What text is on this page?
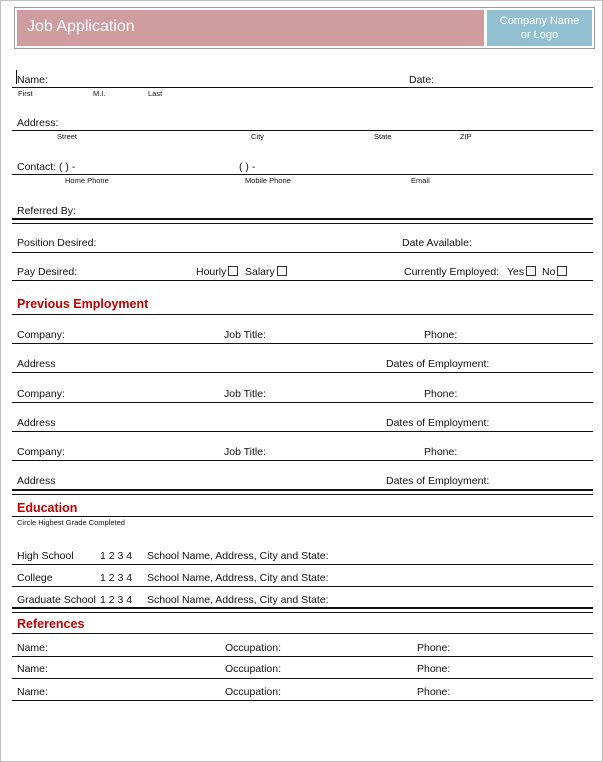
Job Application	Company Name
or Logo
Name:	Date:
First	M.I.	Last
Address:
Street	City	State	ZIP
Contact: ( ) -	( ) -
Home Phone	Mobile Phone	Email
Referred By:
Position Desired:	Date Available:
Pay Desired:	Hourly	Salary	Currently Employed: Yes	No
Previous Employment
Company:	Job Title:	Phone:
Address	Dates of Employment:
Company:	Job Title:	Phone:
Address	Dates of Employment:
Company:	Job Title:	Phone:
Address	Dates of Employment:
Education
Circle Highest Grade Completed
High School	1 2 3 4 School Name, Address, City and State:
College	1 2 3 4 School Name, Address, City and State:
Graduate School 1 2 3 4 School Name, Address, City and State:
References
Name:	Occupation:	Phone:
Name:	Occupation:	Phone:
Name:	Occupation:	Phone:
